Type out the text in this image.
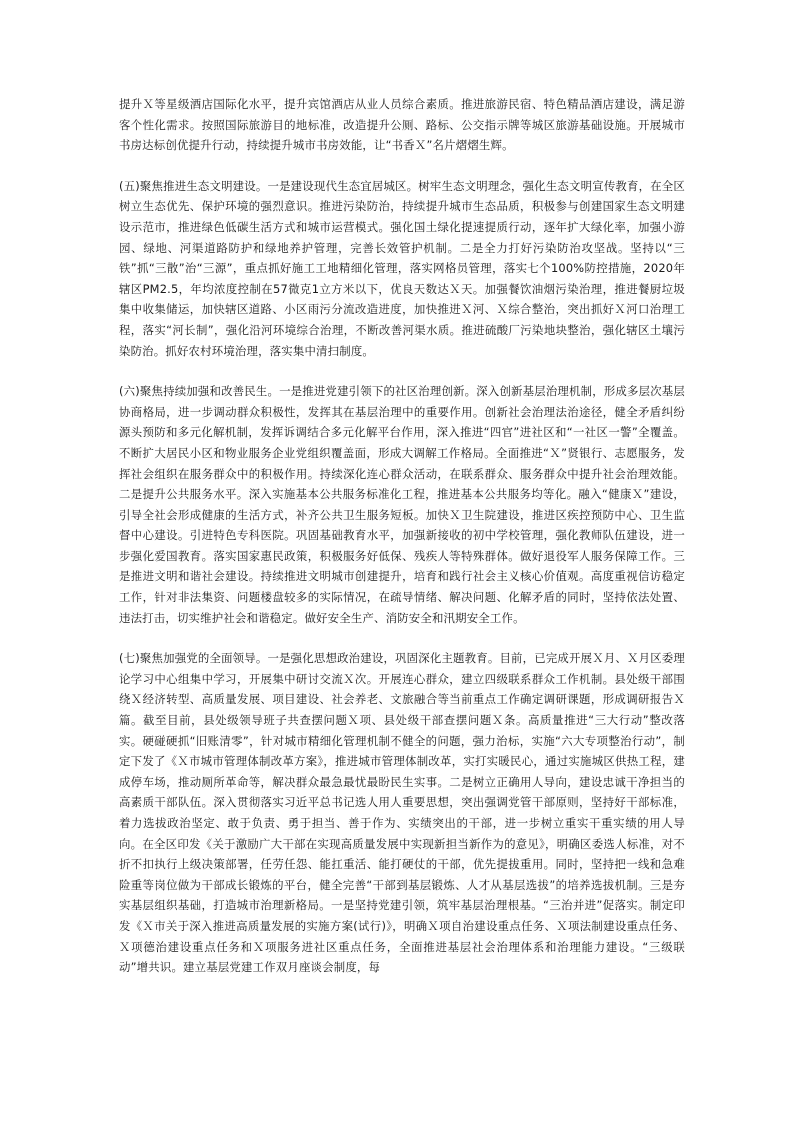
提升Ｘ等星级酒店国际化水平，提升宾馆酒店从业人员综合素质。推进旅游民宿、特色精品酒店建设，满足游客个性化需求。按照国际旅游目的地标准，改造提升公厕、路标、公交指示牌等城区旅游基础设施。开展城市书房达标创优提升行动，持续提升城市书房效能，让“书香Ｘ”名片熠熠生辉。

(五)聚焦推进生态文明建设。一是建设现代生态宜居城区。树牢生态文明理念，强化生态文明宣传教育，在全区树立生态优先、保护环境的强烈意识。推进污染防治，持续提升城市生态品质，积极参与创建国家生态文明建设示范市，推进绿色低碳生活方式和城市运营模式。强化国土绿化提速提质行动，逐年扩大绿化率，加强小游园、绿地、河渠道路防护和绿地养护管理，完善长效管护机制。二是全力打好污染防治攻坚战。坚持以“三铁”抓“三散”治“三源”，重点抓好施工工地精细化管理，落实网格员管理，落实七个100%防控措施，2020年辖区PM2.5，年均浓度控制在57微克1立方米以下，优良天数达Ｘ天。加强餐饮油烟污染治理，推进餐厨垃圾集中收集储运，加快辖区道路、小区雨污分流改造进度，加快推进Ｘ河、Ｘ综合整治，突出抓好Ｘ河口治理工程，落实“河长制”，强化沿河环境综合治理，不断改善河渠水质。推进硫酸厂污染地块整治，强化辖区土壤污染防治。抓好农村环境治理，落实集中清扫制度。

(六)聚焦持续加强和改善民生。一是推进党建引领下的社区治理创新。深入创新基层治理机制，形成多层次基层协商格局，进一步调动群众积极性，发挥其在基层治理中的重要作用。创新社会治理法治途径，健全矛盾纠纷源头预防和多元化解机制，发挥诉调结合多元化解平台作用，深入推进“四官”进社区和“一社区一警”全覆盖。不断扩大居民小区和物业服务企业党组织覆盖面，形成大调解工作格局。全面推进“Ｘ”贤银行、志愿服务，发挥社会组织在服务群众中的积极作用。持续深化连心群众活动，在联系群众、服务群众中提升社会治理效能。二是提升公共服务水平。深入实施基本公共服务标准化工程，推进基本公共服务均等化。融入“健康Ｘ”建设，引导全社会形成健康的生活方式，补齐公共卫生服务短板。加快Ｘ卫生院建设，推进区疾控预防中心、卫生监督中心建设。引进特色专科医院。巩固基础教育水平，加强新接收的初中学校管理，强化教师队伍建设，进一步强化爱国教育。落实国家惠民政策，积极服务好低保、残疾人等特殊群体。做好退役军人服务保障工作。三是推进文明和谐社会建设。持续推进文明城市创建提升，培育和践行社会主义核心价值观。高度重视信访稳定工作，针对非法集资、问题楼盘较多的实际情况，在疏导情绪、解决问题、化解矛盾的同时，坚持依法处置、违法打击，切实维护社会和谐稳定。做好安全生产、消防安全和汛期安全工作。

(七)聚焦加强党的全面领导。一是强化思想政治建设，巩固深化主题教育。目前，已完成开展Ｘ月、Ｘ月区委理论学习中心组集中学习，开展集中研讨交流Ｘ次。开展连心群众，建立四级联系群众工作机制。县处级干部围绕Ｘ经济转型、高质量发展、项目建设、社会养老、文旅融合等当前重点工作确定调研课题，形成调研报告Ｘ篇。截至目前，县处级领导班子共查摆问题Ｘ项、县处级干部查摆问题Ｘ条。高质量推进“三大行动”整改落实。硬碰硬抓“旧账清零”，针对城市精细化管理机制不健全的问题，强力治标，实施“六大专项整治行动”，制定下发了《Ｘ市城市管理体制改革方案》，推进城市管理体制改革，实打实暖民心，通过实施城区供热工程，建成停车场，推动厕所革命等，解决群众最急最忧最盼民生实事。二是树立正确用人导向，建设忠诚干净担当的高素质干部队伍。深入贯彻落实习近平总书记选人用人重要思想，突出强调党管干部原则，坚持好干部标准，着力选拔政治坚定、敢于负责、勇于担当、善于作为、实绩突出的干部，进一步树立重实干重实绩的用人导向。在全区印发《关于激励广大干部在实现高质量发展中实现新担当新作为的意见》，明确区委选人标准，对不折不扣执行上级决策部署，任劳任怨、能扛重活、能打硬仗的干部，优先提拔重用。同时，坚持把一线和急难险重等岗位做为干部成长锻炼的平台，健全完善“干部到基层锻炼、人才从基层选拔”的培养选拔机制。三是夯实基层组织基础，打造城市治理新格局。一是坚持党建引领，筑牢基层治理根基。“三治并进”促落实。制定印发《Ｘ市关于深入推进高质量发展的实施方案(试行)》，明确Ｘ项自治建设重点任务、Ｘ项法制建设重点任务、Ｘ项德治建设重点任务和Ｘ项服务进社区重点任务，全面推进基层社会治理体系和治理能力建设。“三级联动”增共识。建立基层党建工作双月座谈会制度，每
